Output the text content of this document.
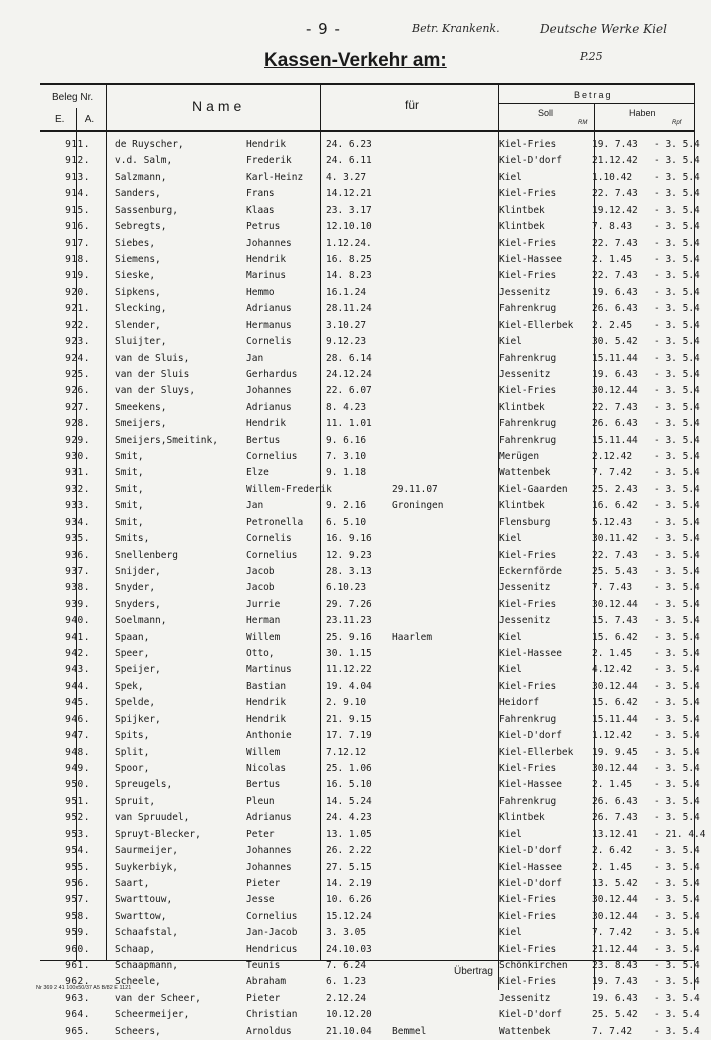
- 9 -	Betr. Krankenk.	Deutsche Werke Kiel
P.25
Kassen-Verkehr am:
Beleg Nr.
E. A.
Name	für
Betrag
Soll	Haben
RM	Rpf
911.	de Ruyscher,	Hendrik	24. 6.23	Kiel-Fries	19. 7.43	- 3. 5.4
912.	v.d. Salm,	Frederik	24. 6.11	Kiel-D'dorf	21.12.42	- 3. 5.4
913.	Salzmann,	Karl-Heinz 4. 3.27	Kiel	1.10.42	- 3. 5.4
914.	Sanders,	Frans	14.12.21	Kiel-Fries	22. 7.43	- 3. 5.4
915.	Sassenburg,	Klaas	23. 3.17	Klintbek	19.12.42	- 3. 5.4
916.	Sebregts,	Petrus	12.10.10	Klintbek	7. 8.43	- 3. 5.4
917.	Siebes,	Johannes	1.12.24.	Kiel-Fries	22. 7.43	- 3. 5.4
918.	Siemens,	Hendrik	16. 8.25	Kiel-Hassee	2. 1.45	- 3. 5.4
919.	Sieske,	Marinus	14. 8.23	Kiel-Fries	22. 7.43	- 3. 5.4
920.	Sipkens,	Hemmo	16.1.24	Jessenitz	19. 6.43	- 3. 5.4
921.	Slecking,	Adrianus	28.11.24	Fahrenkrug	26. 6.43	- 3. 5.4
922.	Slender,	Hermanus	3.10.27	Kiel-Ellerbek 2. 2.45	- 3. 5.4
923.	Sluijter,	Cornelis	9.12.23	Kiel	30. 5.42	- 3. 5.4
924.	van de Sluis,	Jan	28. 6.14	Fahrenkrug	15.11.44	- 3. 5.4
925.	van der Sluis	Gerhardus	24.12.24	Jessenitz	19. 6.43	- 3. 5.4
926.	van der Sluys,	Johannes	22. 6.07	Kiel-Fries	30.12.44	- 3. 5.4
927.	Smeekens,	Adrianus	8. 4.23	Klintbek	22. 7.43	- 3. 5.4
928.	Smeijers,	Hendrik	11. 1.01	Fahrenkrug	26. 6.43	- 3. 5.4
929.	Smeijers,Smeitink,	Bertus	9. 6.16	Fahrenkrug	15.11.44	- 3. 5.4
930.	Smit,	Cornelius	7. 3.10	Merügen	2.12.42	- 3. 5.4
931.	Smit,	Elze	9. 1.18	Wattenbek	7. 7.42	- 3. 5.4
932.	Smit,	Willem-Frederik	29.11.07	Kiel-Gaarden	25. 2.43	- 3. 5.4
933.	Smit,	Jan	9. 2.16	Groningen	Klintbek	16. 6.42	- 3. 5.4
934.	Smit,	Petronella 6. 5.10	Flensburg	5.12.43	- 3. 5.4
935.	Smits,	Cornelis	16. 9.16	Kiel	30.11.42	- 3. 5.4
936.	Snellenberg	Cornelius	12. 9.23	Kiel-Fries	22. 7.43	- 3. 5.4
937.	Snijder,	Jacob	28. 3.13	Eckernförde	25. 5.43	- 3. 5.4
938.	Snyder,	Jacob	6.10.23	Jessenitz	7. 7.43	- 3. 5.4
939.	Snyders,	Jurrie	29. 7.26	Kiel-Fries	30.12.44	- 3. 5.4
940.	Soelmann,	Herman	23.11.23	Jessenitz	15. 7.43	- 3. 5.4
941.	Spaan,	Willem	25. 9.16 Haarlem	Kiel	15. 6.42	- 3. 5.4
942.	Speer,	Otto,	30. 1.15	Kiel-Hassee	2. 1.45	- 3. 5.4
943.	Speijer,	Martinus	11.12.22	Kiel	4.12.42	- 3. 5.4
944.	Spek,	Bastian	19. 4.04	Kiel-Fries	30.12.44	- 3. 5.4
945.	Spelde,	Hendrik	2. 9.10	Heidorf	15. 6.42	- 3. 5.4
946.	Spijker,	Hendrik	21. 9.15	Fahrenkrug	15.11.44	- 3. 5.4
947.	Spits,	Anthonie	17. 7.19	Kiel-D'dorf	1.12.42	- 3. 5.4
948.	Split,	Willem	7.12.12	Kiel-Ellerbek 19. 9.45	- 3. 5.4
949.	Spoor,	Nicolas	25. 1.06	Kiel-Fries	30.12.44	- 3. 5.4
950.	Spreugels,	Bertus	16. 5.10	Kiel-Hassee	2. 1.45	- 3. 5.4
951.	Spruit,	Pleun	14. 5.24	Fahrenkrug	26. 6.43	- 3. 5.4
952.	van Spruudel,	Adrianus	24. 4.23	Klintbek	26. 7.43	- 3. 5.4
953.	Spruyt-Blecker,	Peter	13. 1.05	Kiel	13.12.41	- 21. 4.4
954.	Saurmeijer,	Johannes	26. 2.22	Kiel-D'dorf	2. 6.42	- 3. 5.4
955.	Suykerbiyk,	Johannes	27. 5.15	Kiel-Hassee	2. 1.45	- 3. 5.4
956.	Saart,	Pieter	14. 2.19	Kiel-D'dorf	13. 5.42	- 3. 5.4
957.	Swarttouw,	Jesse	10. 6.26	Kiel-Fries	30.12.44	- 3. 5.4
958.	Swarttow,	Cornelius	15.12.24	Kiel-Fries	30.12.44	- 3. 5.4
959.	Schaafstal,	Jan-Jacob	3. 3.05	Kiel	7. 7.42	- 3. 5.4
960.	Schaap,	Hendricus	24.10.03	Kiel-Fries	21.12.44	- 3. 5.4
961.	Schaapmann,	Teunis	7. 6.24	Schönkirchen	23. 8.43	- 3. 5.4
962.	Scheele,	Abraham	6. 1.23	Kiel-Fries	19. 7.43	- 3. 5.4
963.	van der Scheer,	Pieter	2.12.24	Jessenitz	19. 6.43	- 3. 5.4
964.	Scheermeijer,	Christian	10.12.20	Kiel-D'dorf	25. 5.42	- 3. 5.4
965.	Scheers,	Arnoldus	21.10.04 Bemmel	Wattenbek	7. 7.42	- 3. 5.4
Übertrag
Nr 369 2 41 100x50/37 A5 B/82 E 1121
